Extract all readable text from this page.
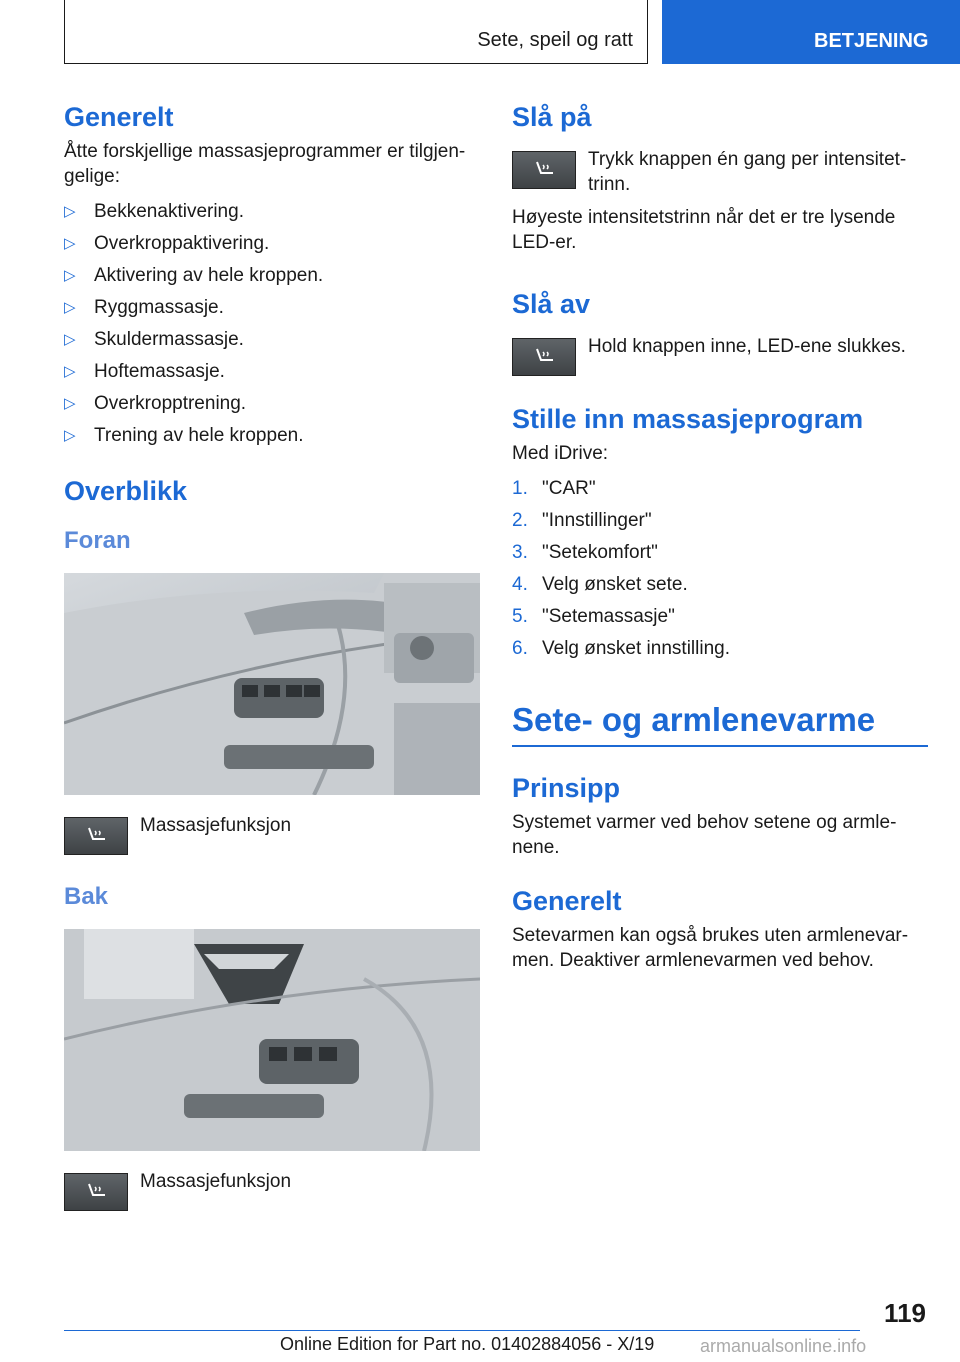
Sete, speil og ratt	BETJENING
Generelt

Åtte forskjellige massasjeprogrammer er tilgjen-gelige:

▷ Bekkenaktivering.
▷ Overkroppaktivering.
▷ Aktivering av hele kroppen.
▷ Ryggmassasje.
▷ Skuldermassasje.
▷ Hoftemassasje.
▷ Overkropptrening.
▷ Trening av hele kroppen.
Overblikk
Foran
Massasjefunksjon
Bak
Massasjefunksjon
Slå på
Trykk knappen én gang per intensitet-trinn.

Høyeste intensitetstrinn når det er tre lysende LED-er.

Slå av
Hold knappen inne, LED-ene slukkes.
Stille inn massasjeprogram

Med iDrive:

1. "CAR"
2. "Innstillinger"
3. "Setekomfort"
4. Velg ønsket sete.
5. "Setemassasje"
6. Velg ønsket innstilling.
Sete- og armlenevarme
Prinsipp

Systemet varmer ved behov setene og armle-nene.

Generelt

Setevarmen kan også brukes uten armlenevar-men. Deaktiver armlenevarmen ved behov.

119
Online Edition for Part no. 01402884056 - X/19	armanualsonline.info
